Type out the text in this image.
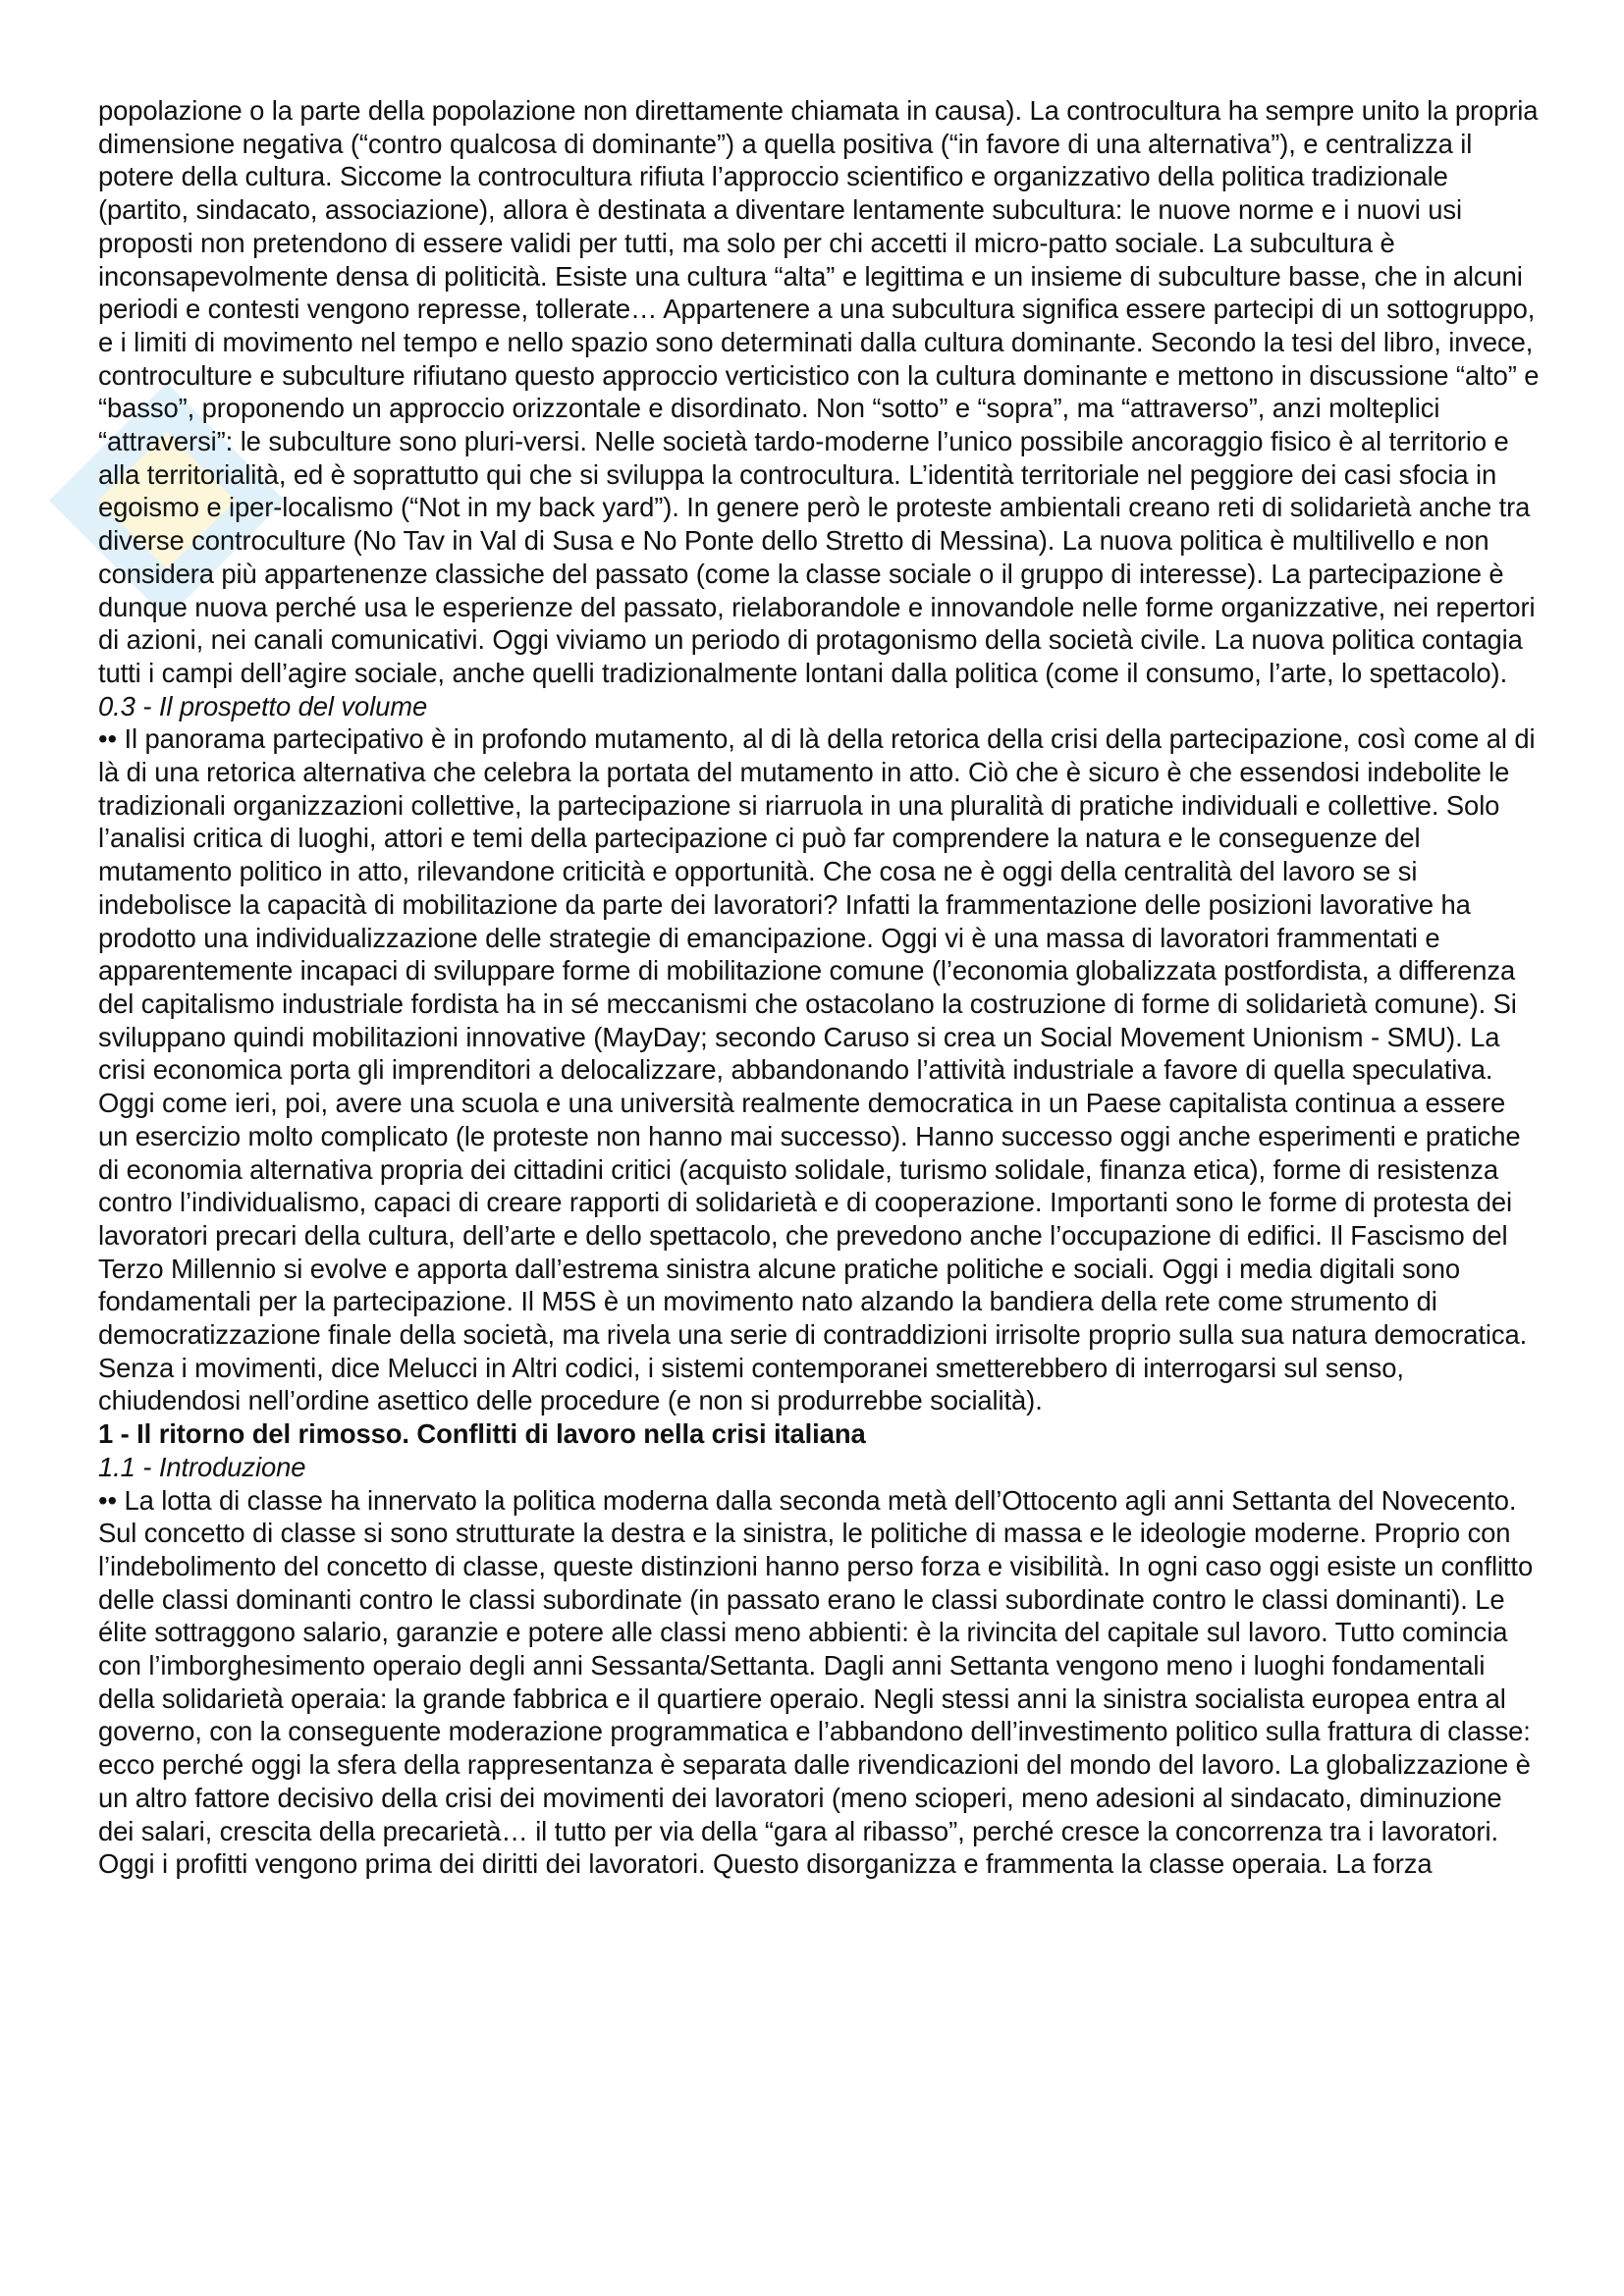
popolazione o la parte della popolazione non direttamente chiamata in causa). La controcultura ha sempre unito la propria dimensione negativa (“contro qualcosa di dominante”) a quella positiva (“in favore di una alternativa”), e centralizza il potere della cultura. Siccome la controcultura rifiuta l’approccio scientifico e organizzativo della politica tradizionale (partito, sindacato, associazione), allora è destinata a diventare lentamente subcultura: le nuove norme e i nuovi usi proposti non pretendono di essere validi per tutti, ma solo per chi accetti il micro-patto sociale. La subcultura è inconsapevolmente densa di politicità. Esiste una cultura “alta” e legittima e un insieme di subculture basse, che in alcuni periodi e contesti vengono represse, tollerate… Appartenere a una subcultura significa essere partecipi di un sottogruppo, e i limiti di movimento nel tempo e nello spazio sono determinati dalla cultura dominante. Secondo la tesi del libro, invece, controculture e subculture rifiutano questo approccio verticistico con la cultura dominante e mettono in discussione “alto” e “basso”, proponendo un approccio orizzontale e disordinato. Non “sotto” e “sopra”, ma “attraverso”, anzi molteplici “attraversi”: le subculture sono pluri-versi. Nelle società tardo-moderne l’unico possibile ancoraggio fisico è al territorio e alla territorialità, ed è soprattutto qui che si sviluppa la controcultura. L’identità territoriale nel peggiore dei casi sfocia in egoismo e iper-localismo (“Not in my back yard”). In genere però le proteste ambientali creano reti di solidarietà anche tra diverse controculture (No Tav in Val di Susa e No Ponte dello Stretto di Messina). La nuova politica è multilivello e non considera più appartenenze classiche del passato (come la classe sociale o il gruppo di interesse). La partecipazione è dunque nuova perché usa le esperienze del passato, rielaborandole e innovandole nelle forme organizzative, nei repertori di azioni, nei canali comunicativi. Oggi viviamo un periodo di protagonismo della società civile. La nuova politica contagia tutti i campi dell’agire sociale, anche quelli tradizionalmente lontani dalla politica (come il consumo, l’arte, lo spettacolo).

0.3 - Il prospetto del volume

•• Il panorama partecipativo è in profondo mutamento, al di là della retorica della crisi della partecipazione, così come al di là di una retorica alternativa che celebra la portata del mutamento in atto. Ciò che è sicuro è che essendosi indebolite le tradizionali organizzazioni collettive, la partecipazione si riarruola in una pluralità di pratiche individuali e collettive. Solo l’analisi critica di luoghi, attori e temi della partecipazione ci può far comprendere la natura e le conseguenze del mutamento politico in atto, rilevandone criticità e opportunità. Che cosa ne è oggi della centralità del lavoro se si indebolisce la capacità di mobilitazione da parte dei lavoratori? Infatti la frammentazione delle posizioni lavorative ha prodotto una individualizzazione delle strategie di emancipazione. Oggi vi è una massa di lavoratori frammentati e apparentemente incapaci di sviluppare forme di mobilitazione comune (l’economia globalizzata postfordista, a differenza del capitalismo industriale fordista ha in sé meccanismi che ostacolano la costruzione di forme di solidarietà comune). Si sviluppano quindi mobilitazioni innovative (MayDay; secondo Caruso si crea un Social Movement Unionism - SMU). La crisi economica porta gli imprenditori a delocalizzare, abbandonando l’attività industriale a favore di quella speculativa. Oggi come ieri, poi, avere una scuola e una università realmente democratica in un Paese capitalista continua a essere un esercizio molto complicato (le proteste non hanno mai successo). Hanno successo oggi anche esperimenti e pratiche di economia alternativa propria dei cittadini critici (acquisto solidale, turismo solidale, finanza etica), forme di resistenza contro l’individualismo, capaci di creare rapporti di solidarietà e di cooperazione. Importanti sono le forme di protesta dei lavoratori precari della cultura, dell’arte e dello spettacolo, che prevedono anche l’occupazione di edifici. Il Fascismo del Terzo Millennio si evolve e apporta dall’estrema sinistra alcune pratiche politiche e sociali. Oggi i media digitali sono fondamentali per la partecipazione. Il M5S è un movimento nato alzando la bandiera della rete come strumento di democratizzazione finale della società, ma rivela una serie di contraddizioni irrisolte proprio sulla sua natura democratica. Senza i movimenti, dice Melucci in Altri codici, i sistemi contemporanei smetterebbero di interrogarsi sul senso, chiudendosi nell’ordine asettico delle procedure (e non si produrrebbe socialità).

1 - Il ritorno del rimosso. Conflitti di lavoro nella crisi italiana

1.1 - Introduzione

•• La lotta di classe ha innervato la politica moderna dalla seconda metà dell’Ottocento agli anni Settanta del Novecento. Sul concetto di classe si sono strutturate la destra e la sinistra, le politiche di massa e le ideologie moderne. Proprio con l’indebolimento del concetto di classe, queste distinzioni hanno perso forza e visibilità. In ogni caso oggi esiste un conflitto delle classi dominanti contro le classi subordinate (in passato erano le classi subordinate contro le classi dominanti). Le élite sottraggono salario, garanzie e potere alle classi meno abbienti: è la rivincita del capitale sul lavoro. Tutto comincia con l’imborghesimento operaio degli anni Sessanta/Settanta. Dagli anni Settanta vengono meno i luoghi fondamentali della solidarietà operaia: la grande fabbrica e il quartiere operaio. Negli stessi anni la sinistra socialista europea entra al governo, con la conseguente moderazione programmatica e l’abbandono dell’investimento politico sulla frattura di classe: ecco perché oggi la sfera della rappresentanza è separata dalle rivendicazioni del mondo del lavoro. La globalizzazione è un altro fattore decisivo della crisi dei movimenti dei lavoratori (meno scioperi, meno adesioni al sindacato, diminuzione dei salari, crescita della precarietà… il tutto per via della “gara al ribasso”, perché cresce la concorrenza tra i lavoratori. Oggi i profitti vengono prima dei diritti dei lavoratori. Questo disorganizza e frammenta la classe operaia. La forza
